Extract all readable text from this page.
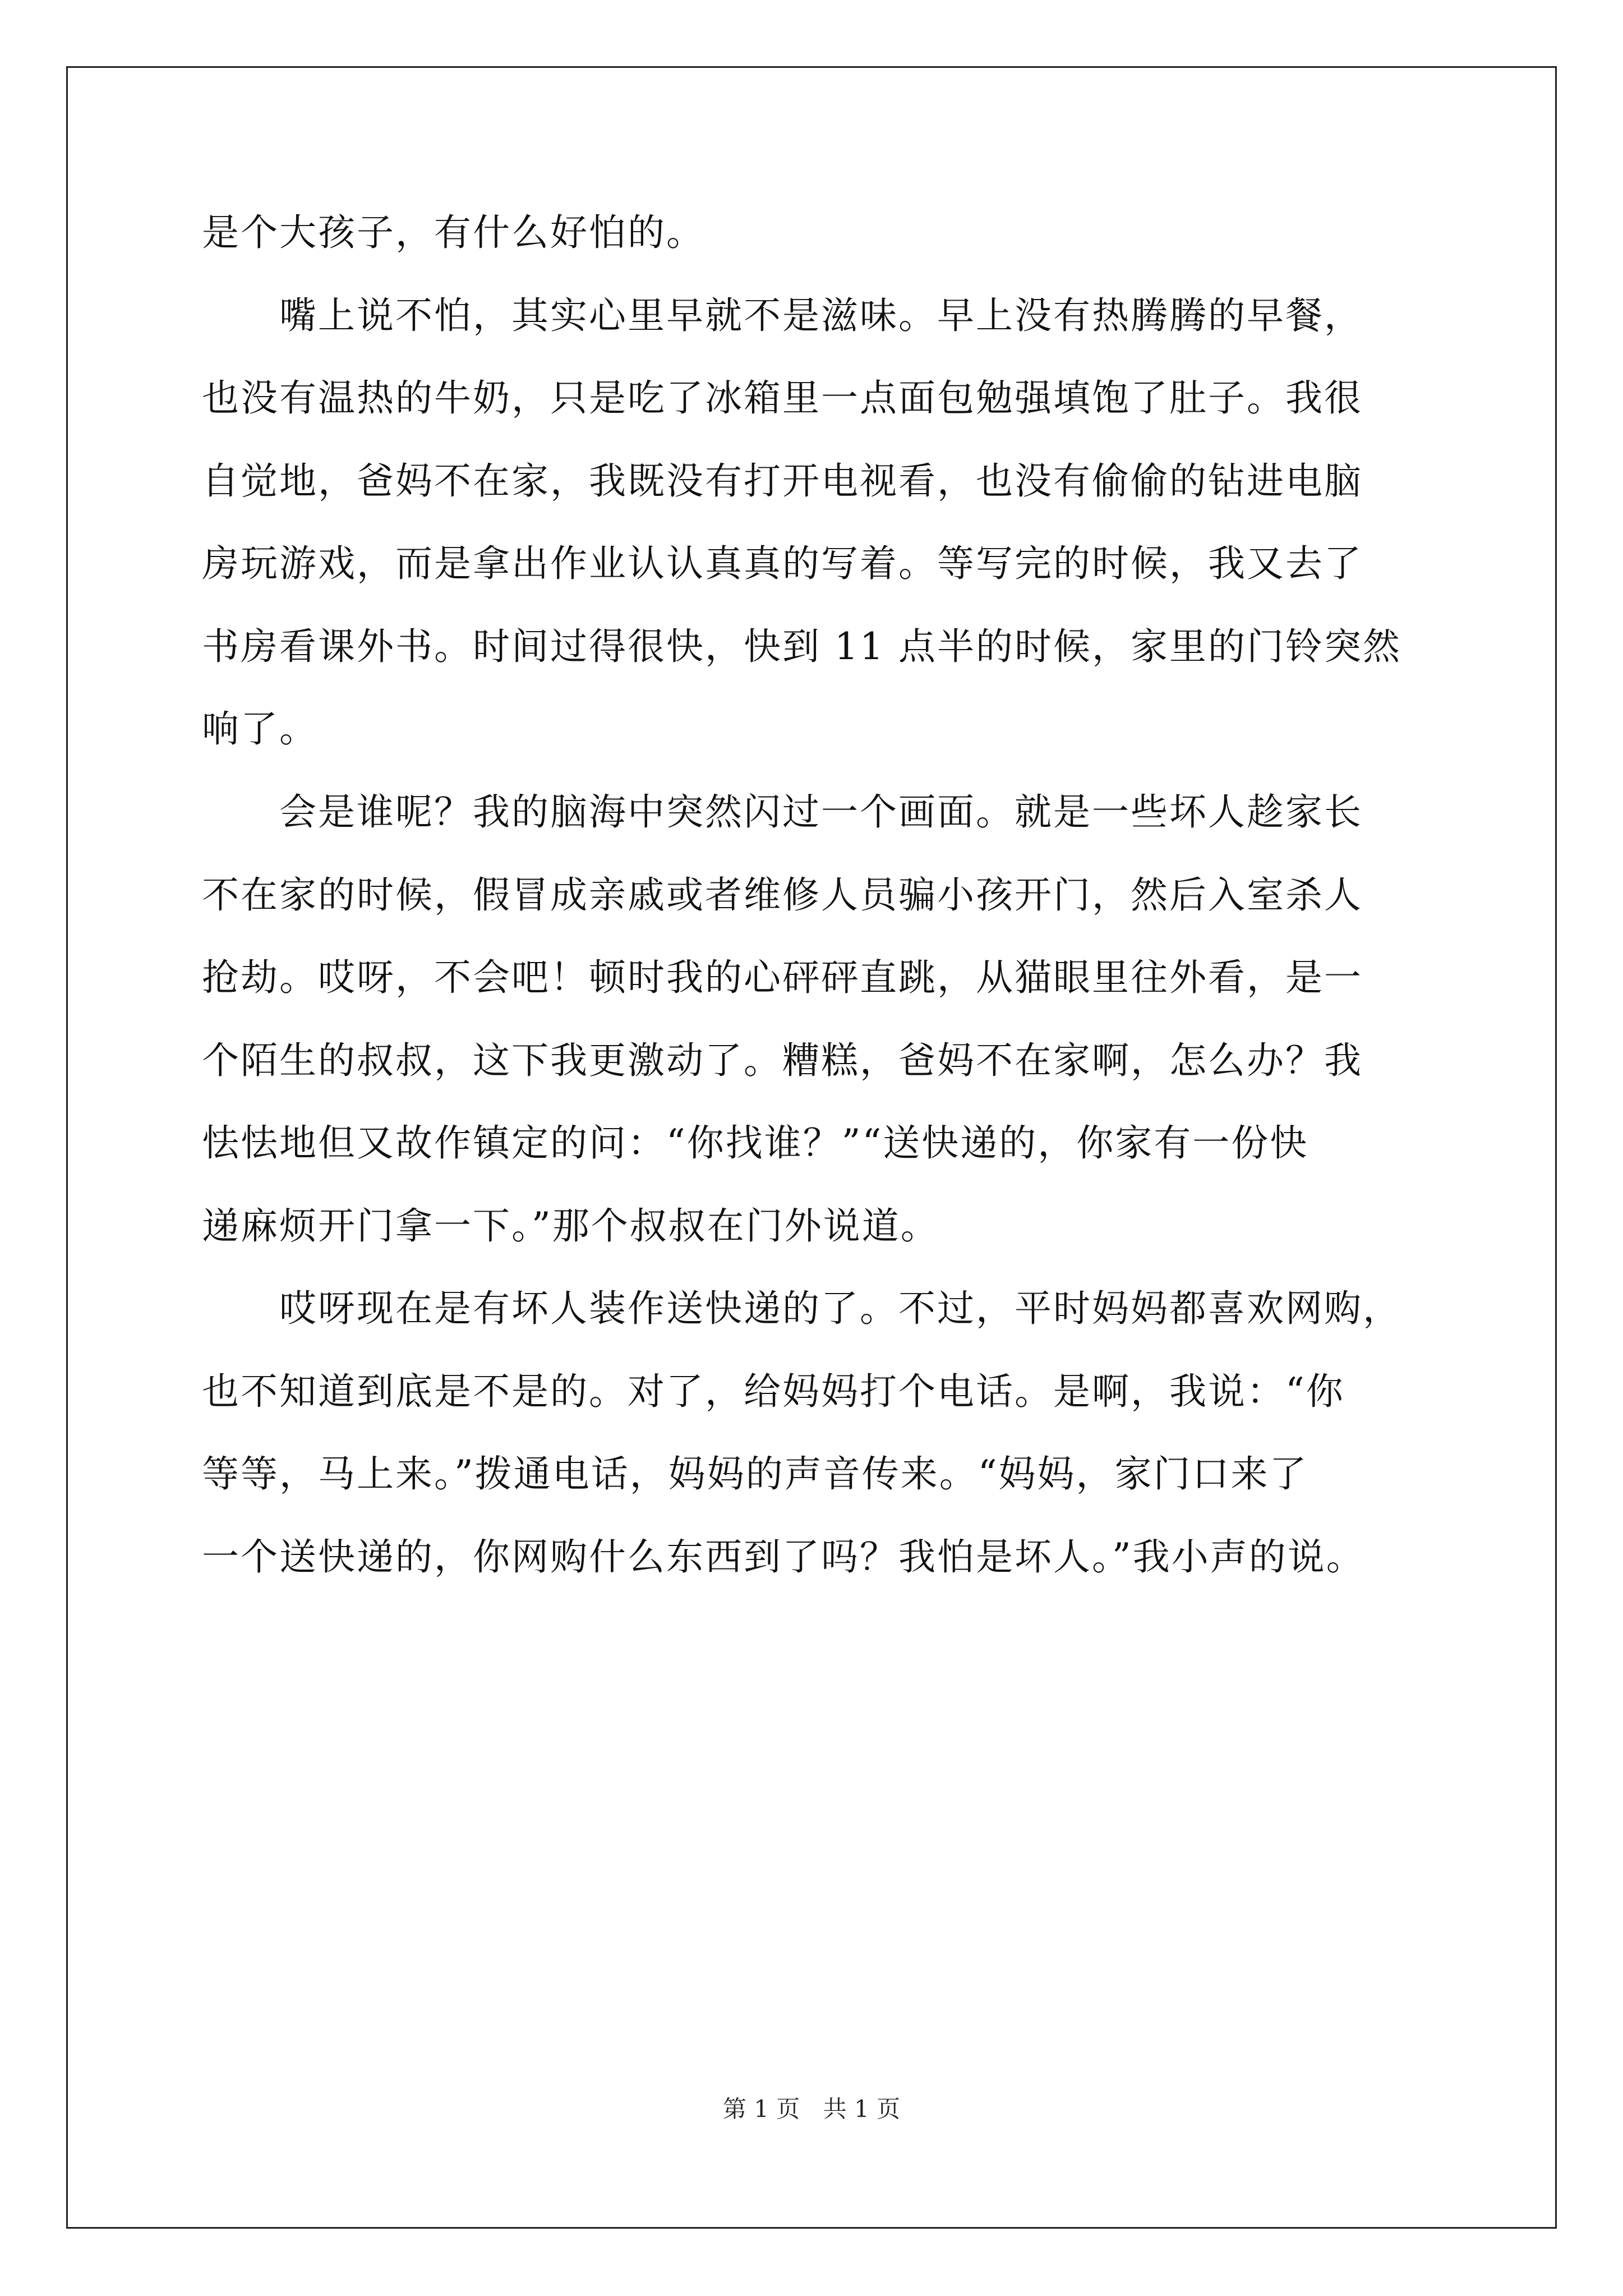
是个大孩子，有什么好怕的。
　　嘴上说不怕，其实心里早就不是滋味。早上没有热腾腾的早餐，
也没有温热的牛奶，只是吃了冰箱里一点面包勉强填饱了肚子。我很
自觉地，爸妈不在家，我既没有打开电视看，也没有偷偷的钻进电脑
房玩游戏，而是拿出作业认认真真的写着。等写完的时候，我又去了
书房看课外书。时间过得很快，快到 11 点半的时候，家里的门铃突然
响了。
　　会是谁呢？我的脑海中突然闪过一个画面。就是一些坏人趁家长
不在家的时候，假冒成亲戚或者维修人员骗小孩开门，然后入室杀人
抢劫。哎呀，不会吧！顿时我的心砰砰直跳，从猫眼里往外看，是一
个陌生的叔叔，这下我更激动了。糟糕，爸妈不在家啊，怎么办？我
怯怯地但又故作镇定的问：“你找谁？”“送快递的，你家有一份快
递麻烦开门拿一下。”那个叔叔在门外说道。
　　哎呀现在是有坏人装作送快递的了。不过，平时妈妈都喜欢网购，
也不知道到底是不是的。对了，给妈妈打个电话。是啊，我说：“你
等等，马上来。”拨通电话，妈妈的声音传来。“妈妈，家门口来了
一个送快递的，你网购什么东西到了吗？我怕是坏人。”我小声的说。
第 1 页 共 1 页
